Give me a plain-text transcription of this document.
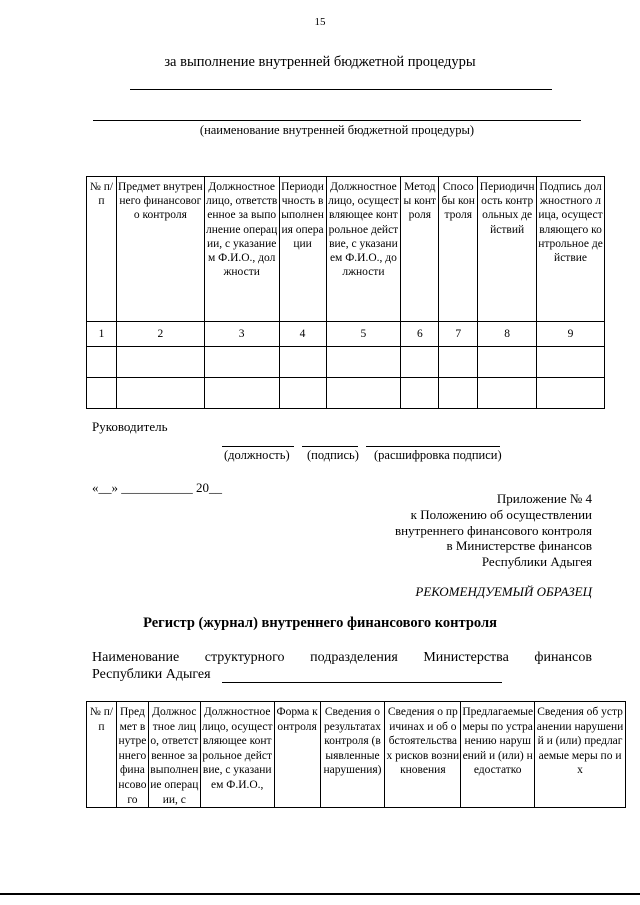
15
за выполнение внутренней бюджетной процедуры
(наименование внутренней бюджетной процедуры)
№ п/п	Предмет внутреннего финансового контроля	Должностное лицо, ответственное за выполнение операции, с указанием Ф.И.О., должности	Периодичность выполнения операции	Должностное лицо, осуществляющее контрольное действие, с указанием Ф.И.О., должности	Методы контроля	Способы контроля	Периодичность контрольных действий	Подпись должностного лица, осуществляющего контрольное действие
1	2	3	4	5	6	7	8	9

Руководитель
(должность) (подпись) (расшифровка подписи)
«__» ___________ 20__
Приложение № 4
к Положению об осуществлении
внутреннего финансового контроля
в Министерстве финансов
Республики Адыгея
РЕКОМЕНДУЕМЫЙ ОБРАЗЕЦ
Регистр (журнал) внутреннего финансового контроля
Наименование структурного подразделения Министерства финансов
Республики Адыгея
№ п/п	Предмет внутреннего финансового	Должностное лицо, ответственное за выполнение операции, с	Должностное лицо, осуществляющее контрольное действие, с указанием Ф.И.О.,	Форма контроля	Сведения о результатах контроля (выявленные нарушения)	Сведения о причинах и об обстоятельствах рисков возникновения	Предлагаемые меры по устранению нарушений и (или) недостатко	Сведения об устранении нарушений и (или) предлагаемые меры по их
